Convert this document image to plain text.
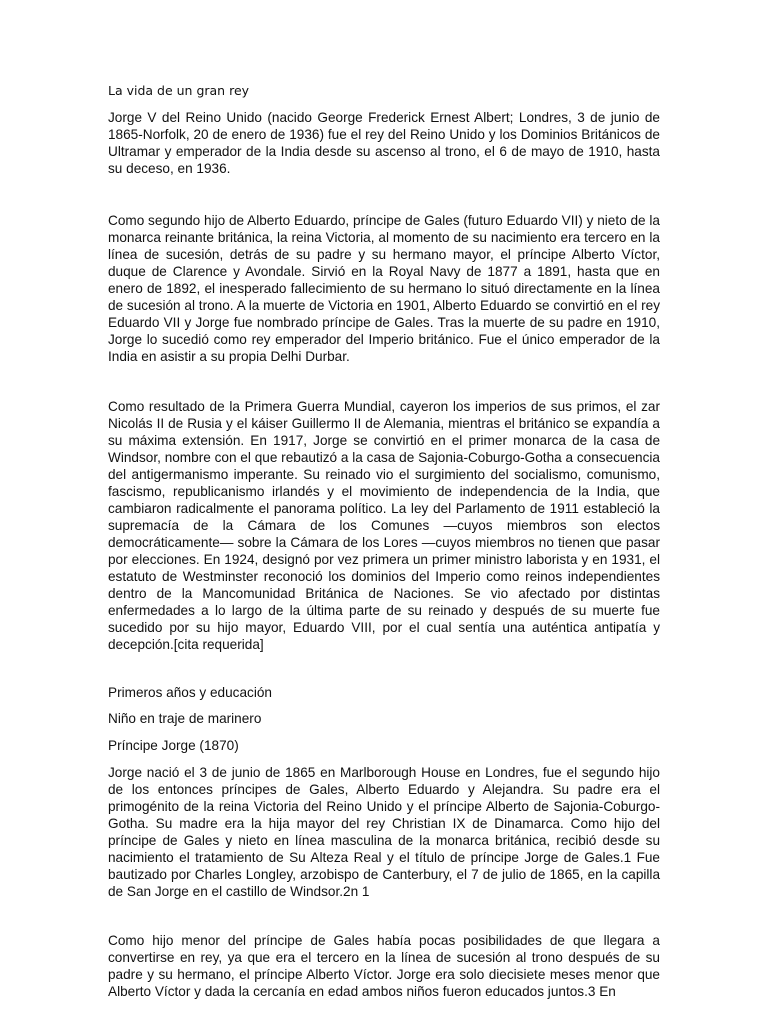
La vida de un gran rey

Jorge V del Reino Unido (nacido George Frederick Ernest Albert; Londres, 3 de junio de 1865-Norfolk, 20 de enero de 1936) fue el rey del Reino Unido y los Dominios Británicos de Ultramar y emperador de la India desde su ascenso al trono, el 6 de mayo de 1910, hasta su deceso, en 1936.

Como segundo hijo de Alberto Eduardo, príncipe de Gales (futuro Eduardo VII) y nieto de la monarca reinante británica, la reina Victoria, al momento de su nacimiento era tercero en la línea de sucesión, detrás de su padre y su hermano mayor, el príncipe Alberto Víctor, duque de Clarence y Avondale. Sirvió en la Royal Navy de 1877 a 1891, hasta que en enero de 1892, el inesperado fallecimiento de su hermano lo situó directamente en la línea de sucesión al trono. A la muerte de Victoria en 1901, Alberto Eduardo se convirtió en el rey Eduardo VII y Jorge fue nombrado príncipe de Gales. Tras la muerte de su padre en 1910, Jorge lo sucedió como rey emperador del Imperio británico. Fue el único emperador de la India en asistir a su propia Delhi Durbar.

Como resultado de la Primera Guerra Mundial, cayeron los imperios de sus primos, el zar Nicolás II de Rusia y el káiser Guillermo II de Alemania, mientras el británico se expandía a su máxima extensión. En 1917, Jorge se convirtió en el primer monarca de la casa de Windsor, nombre con el que rebautizó a la casa de Sajonia-Coburgo-Gotha a consecuencia del antigermanismo imperante. Su reinado vio el surgimiento del socialismo, comunismo, fascismo, republicanismo irlandés y el movimiento de independencia de la India, que cambiaron radicalmente el panorama político. La ley del Parlamento de 1911 estableció la supremacía de la Cámara de los Comunes —cuyos miembros son electos democráticamente— sobre la Cámara de los Lores —cuyos miembros no tienen que pasar por elecciones. En 1924, designó por vez primera un primer ministro laborista y en 1931, el estatuto de Westminster reconoció los dominios del Imperio como reinos independientes dentro de la Mancomunidad Británica de Naciones. Se vio afectado por distintas enfermedades a lo largo de la última parte de su reinado y después de su muerte fue sucedido por su hijo mayor, Eduardo VIII, por el cual sentía una auténtica antipatía y decepción.[cita requerida]

Primeros años y educación

Niño en traje de marinero

Príncipe Jorge (1870)

Jorge nació el 3 de junio de 1865 en Marlborough House en Londres, fue el segundo hijo de los entonces príncipes de Gales, Alberto Eduardo y Alejandra. Su padre era el primogénito de la reina Victoria del Reino Unido y el príncipe Alberto de Sajonia-Coburgo-Gotha. Su madre era la hija mayor del rey Christian IX de Dinamarca. Como hijo del príncipe de Gales y nieto en línea masculina de la monarca británica, recibió desde su nacimiento el tratamiento de Su Alteza Real y el título de príncipe Jorge de Gales.1 Fue bautizado por Charles Longley, arzobispo de Canterbury, el 7 de julio de 1865, en la capilla de San Jorge en el castillo de Windsor.2n 1

Como hijo menor del príncipe de Gales había pocas posibilidades de que llegara a convertirse en rey, ya que era el tercero en la línea de sucesión al trono después de su padre y su hermano, el príncipe Alberto Víctor. Jorge era solo diecisiete meses menor que Alberto Víctor y dada la cercanía en edad ambos niños fueron educados juntos.3 En
